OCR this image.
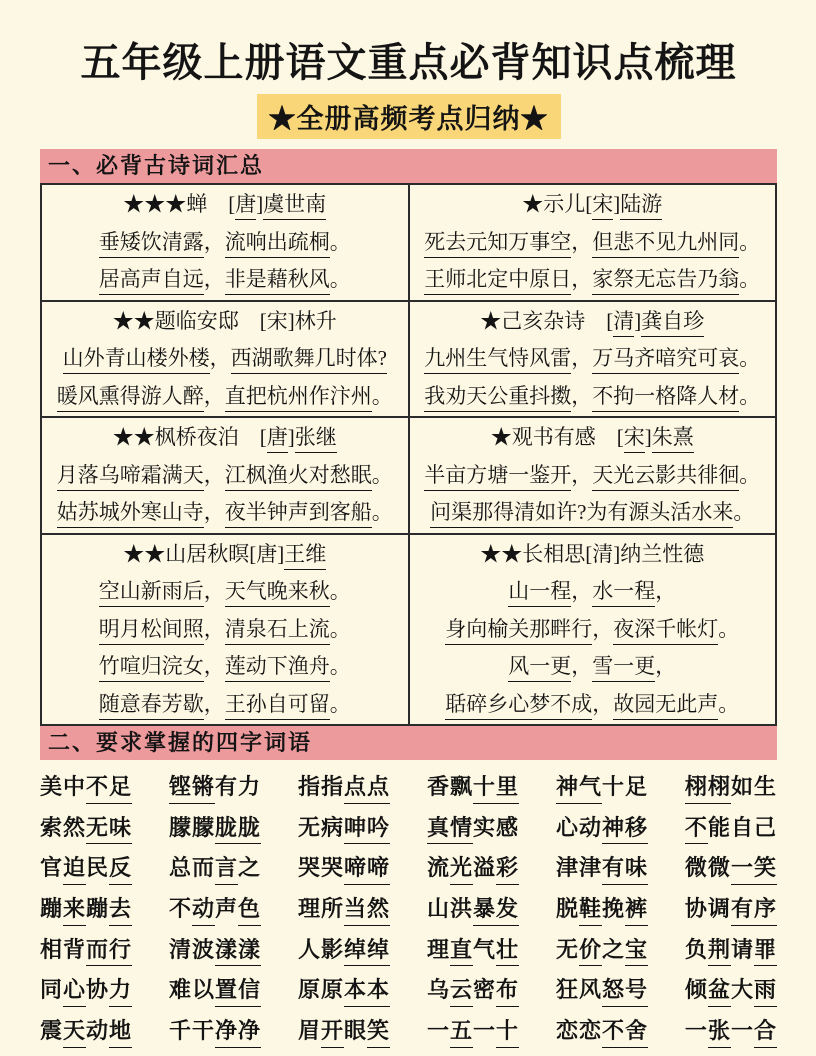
五年级上册语文重点必背知识点梳理
★全册高频考点归纳★
一、必背古诗词汇总
★★★蝉　[唐]虞世南
垂矮饮清露，流响出疏桐。
居高声自远，非是藉秋风。

★示儿[宋]陆游
死去元知万事空，但悲不见九州同。
王师北定中原日，家祭无忘告乃翁。

★★题临安邸　[宋]林升
山外青山楼外楼，西湖歌舞几时体?
暖风熏得游人醉，直把杭州作汴州。

★己亥杂诗　[清]龚自珍
九州生气恃风雷，万马齐喑究可哀。
我劝天公重抖擞，不拘一格降人材。

★★枫桥夜泊　[唐]张继
月落乌啼霜满天，江枫渔火对愁眠。
姑苏城外寒山寺，夜半钟声到客船。

★观书有感　[宋]朱熹
半亩方塘一鉴开，天光云影共徘徊。
问渠那得清如许?为有源头活水来。

★★山居秋暝[唐]王维
空山新雨后，天气晚来秋。
明月松间照，清泉石上流。
竹喧归浣女，莲动下渔舟。
随意春芳歇，王孙自可留。

★★长相思[清]纳兰性德
山一程，水一程，
身向榆关那畔行，夜深千帐灯。
风一更，雪一更，
聒碎乡心梦不成，故园无此声。
二、要求掌握的四字词语
美中不足 铿锵有力 指指点点 香飘十里 神气十足 栩栩如生
索然无味 朦朦胧胧 无病呻吟 真情实感 心动神移 不能自己
官迫民反 总而言之 哭哭啼啼 流光溢彩 津津有味 微微一笑
蹦来蹦去 不动声色 理所当然 山洪暴发 脱鞋挽裤 协调有序
相背而行 清波漾漾 人影绰绰 理直气壮 无价之宝 负荆请罪
同心协力 难以置信 原原本本 乌云密布 狂风怒号 倾盆大雨
震天动地 千干净净 眉开眼笑 一五一十 恋恋不舍 一张一合
